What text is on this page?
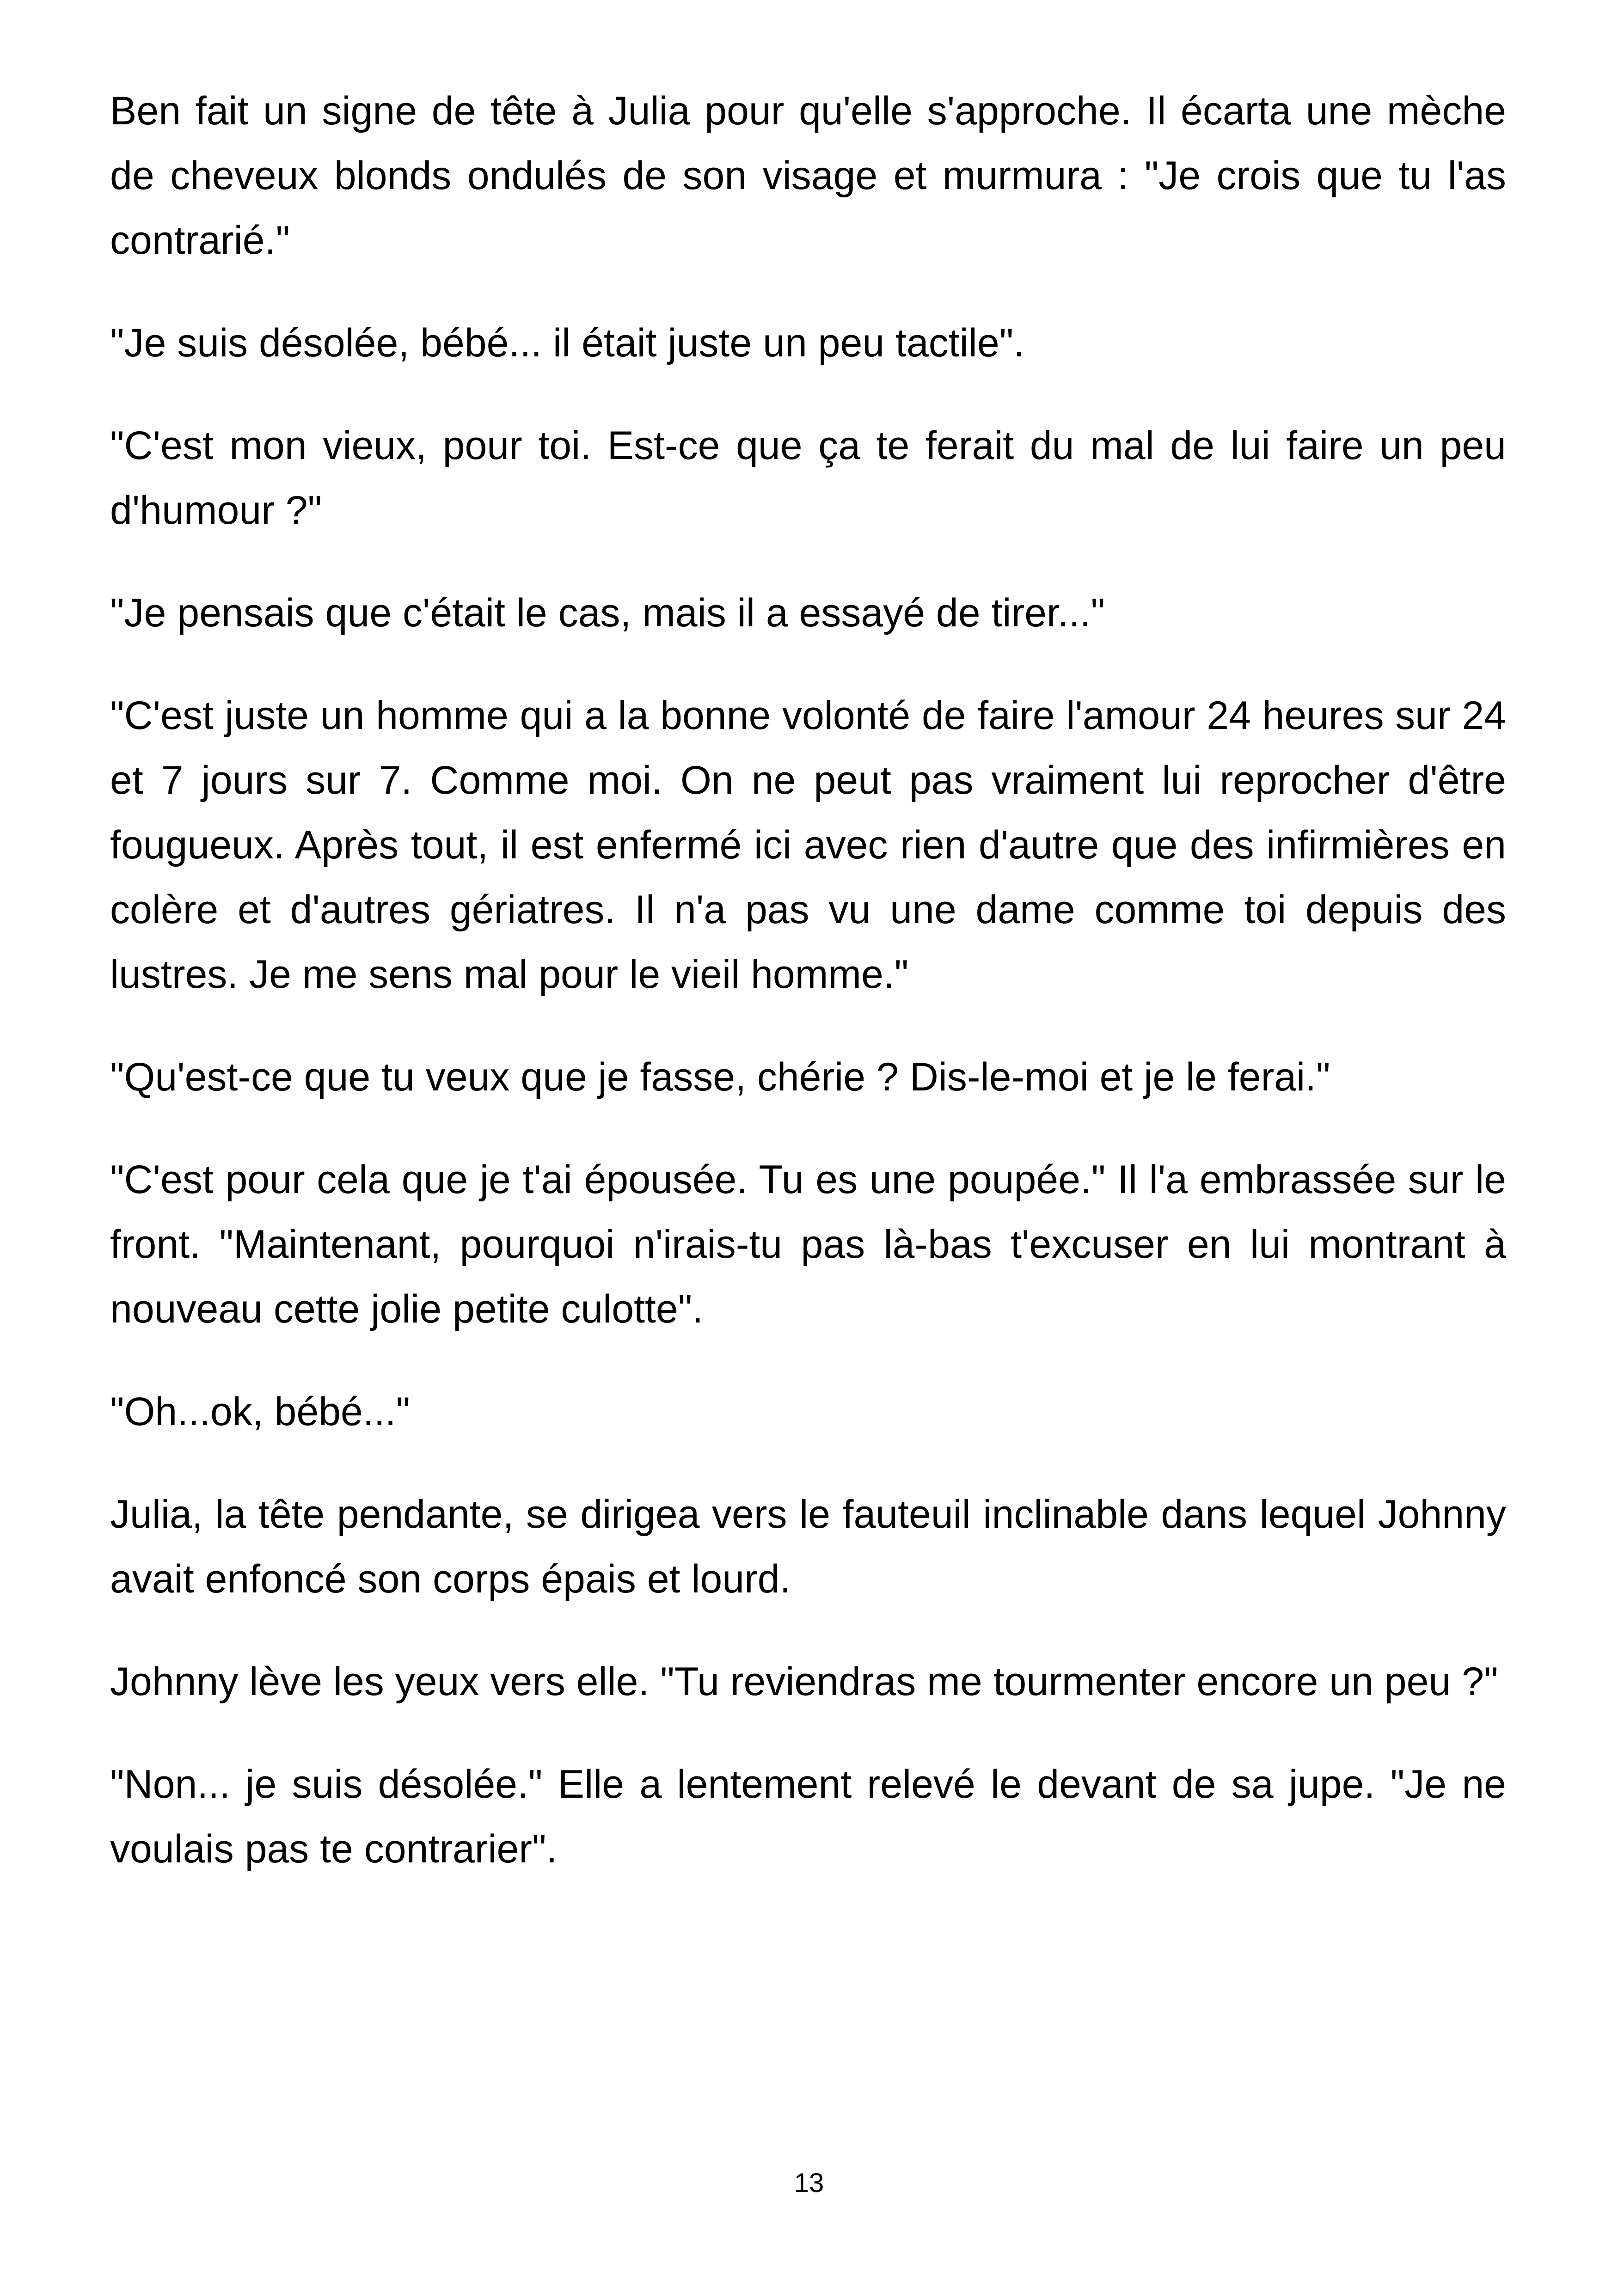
Ben fait un signe de tête à Julia pour qu'elle s'approche. Il écarta une mèche de cheveux blonds ondulés de son visage et murmura : "Je crois que tu l'as contrarié."

"Je suis désolée, bébé... il était juste un peu tactile".

"C'est mon vieux, pour toi. Est-ce que ça te ferait du mal de lui faire un peu d'humour ?"

"Je pensais que c'était le cas, mais il a essayé de tirer..."

"C'est juste un homme qui a la bonne volonté de faire l'amour 24 heures sur 24 et 7 jours sur 7. Comme moi. On ne peut pas vraiment lui reprocher d'être fougueux. Après tout, il est enfermé ici avec rien d'autre que des infirmières en colère et d'autres gériatres. Il n'a pas vu une dame comme toi depuis des lustres. Je me sens mal pour le vieil homme."

"Qu'est-ce que tu veux que je fasse, chérie ? Dis-le-moi et je le ferai."

"C'est pour cela que je t'ai épousée. Tu es une poupée." Il l'a embrassée sur le front. "Maintenant, pourquoi n'irais-tu pas là-bas t'excuser en lui montrant à nouveau cette jolie petite culotte".

"Oh...ok, bébé..."

Julia, la tête pendante, se dirigea vers le fauteuil inclinable dans lequel Johnny avait enfoncé son corps épais et lourd.

Johnny lève les yeux vers elle. "Tu reviendras me tourmenter encore un peu ?"

"Non... je suis désolée." Elle a lentement relevé le devant de sa jupe. "Je ne voulais pas te contrarier".

13
